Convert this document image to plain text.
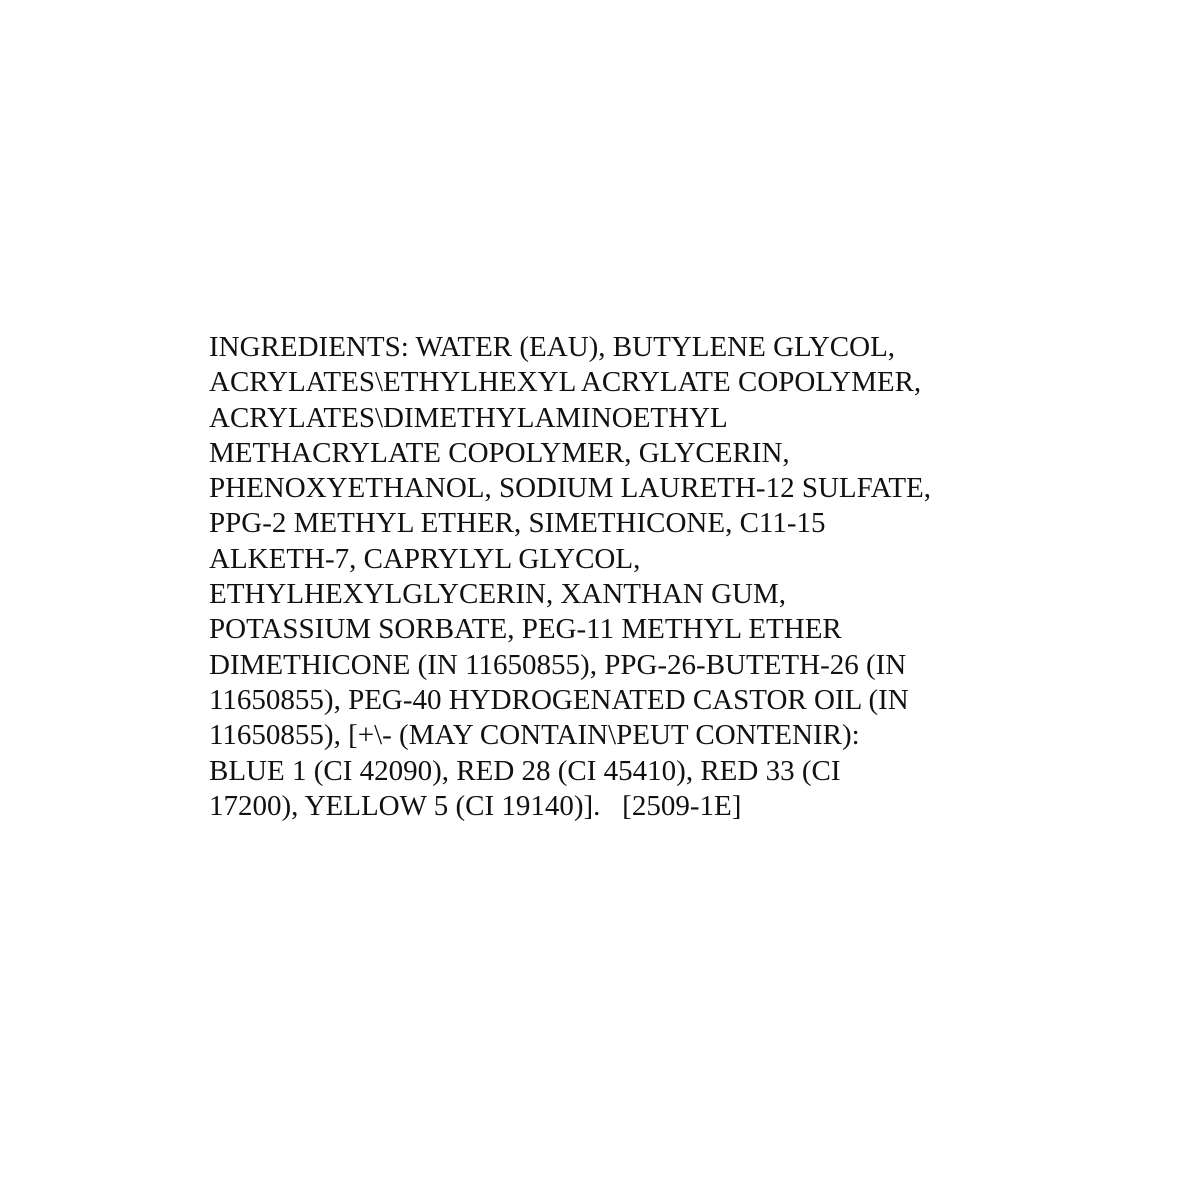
INGREDIENTS: WATER (EAU), BUTYLENE GLYCOL,
ACRYLATES\ETHYLHEXYL ACRYLATE COPOLYMER,
ACRYLATES\DIMETHYLAMINOETHYL
METHACRYLATE COPOLYMER, GLYCERIN,
PHENOXYETHANOL, SODIUM LAURETH-12 SULFATE,
PPG-2 METHYL ETHER, SIMETHICONE, C11-15
ALKETH-7, CAPRYLYL GLYCOL,
ETHYLHEXYLGLYCERIN, XANTHAN GUM,
POTASSIUM SORBATE, PEG-11 METHYL ETHER
DIMETHICONE (IN 11650855), PPG-26-BUTETH-26 (IN
11650855), PEG-40 HYDROGENATED CASTOR OIL (IN
11650855), [+\- (MAY CONTAIN\PEUT CONTENIR):
BLUE 1 (CI 42090), RED 28 (CI 45410), RED 33 (CI
17200), YELLOW 5 (CI 19140)].   [2509-1E]
